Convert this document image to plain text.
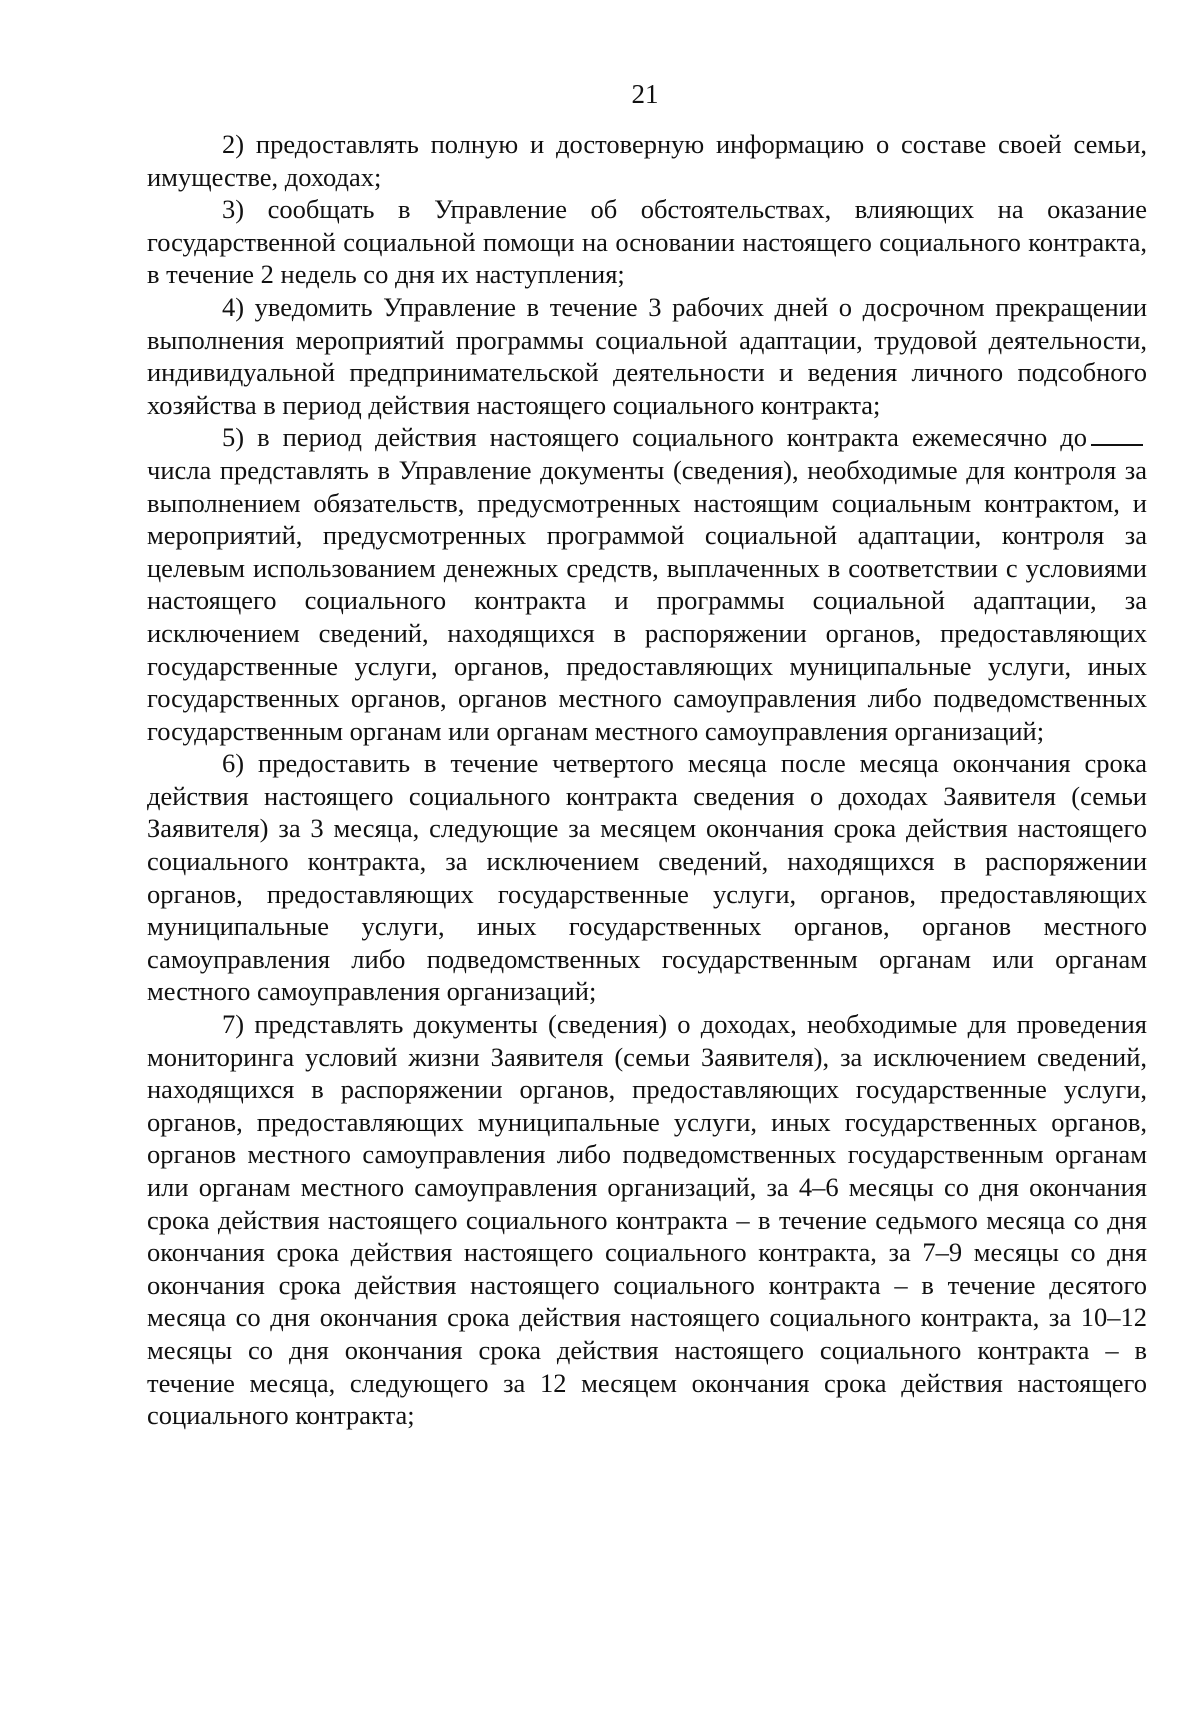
21

2) предоставлять полную и достоверную информацию о составе своей семьи, имуществе, доходах;

3) сообщать в Управление об обстоятельствах, влияющих на оказание государственной социальной помощи на основании настоящего социального контракта, в течение 2 недель со дня их наступления;

4) уведомить Управление в течение 3 рабочих дней о досрочном прекращении выполнения мероприятий программы социальной адаптации, трудовой деятельности, индивидуальной предпринимательской деятельности и ведения личного подсобного хозяйства в период действия настоящего социального контракта;

5) в период действия настоящего социального контракта ежемесячно дочисла представлять в Управление документы (сведения), необходимые для контроля за выполнением обязательств, предусмотренных настоящим социальным контрактом, и мероприятий, предусмотренных программой социальной адаптации, контроля за целевым использованием денежных средств, выплаченных в соответствии с условиями настоящего социального контракта и программы социальной адаптации, за исключением сведений, находящихся в распоряжении органов, предоставляющих государственные услуги, органов, предоставляющих муниципальные услуги, иных государственных органов, органов местного самоуправления либо подведомственных государственным органам или органам местного самоуправления организаций;

6) предоставить в течение четвертого месяца после месяца окончания срока действия настоящего социального контракта сведения о доходах Заявителя (семьи Заявителя) за 3 месяца, следующие за месяцем окончания срока действия настоящего социального контракта, за исключением сведений, находящихся в распоряжении органов, предоставляющих государственные услуги, органов, предоставляющих муниципальные услуги, иных государственных органов, органов местного самоуправления либо подведомственных государственным органам или органам местного самоуправления организаций;

7) представлять документы (сведения) о доходах, необходимые для проведения мониторинга условий жизни Заявителя (семьи Заявителя), за исключением сведений, находящихся в распоряжении органов, предоставляющих государственные услуги, органов, предоставляющих муниципальные услуги, иных государственных органов, органов местного самоуправления либо подведомственных государственным органам или органам местного самоуправления организаций, за 4–6 месяцы со дня окончания срока действия настоящего социального контракта – в течение седьмого месяца со дня окончания срока действия настоящего социального контракта, за 7–9 месяцы со дня окончания срока действия настоящего социального контракта – в течение десятого месяца со дня окончания срока действия настоящего социального контракта, за 10–12 месяцы со дня окончания срока действия настоящего социального контракта – в течение месяца, следующего за 12 месяцем окончания срока действия настоящего социального контракта;
